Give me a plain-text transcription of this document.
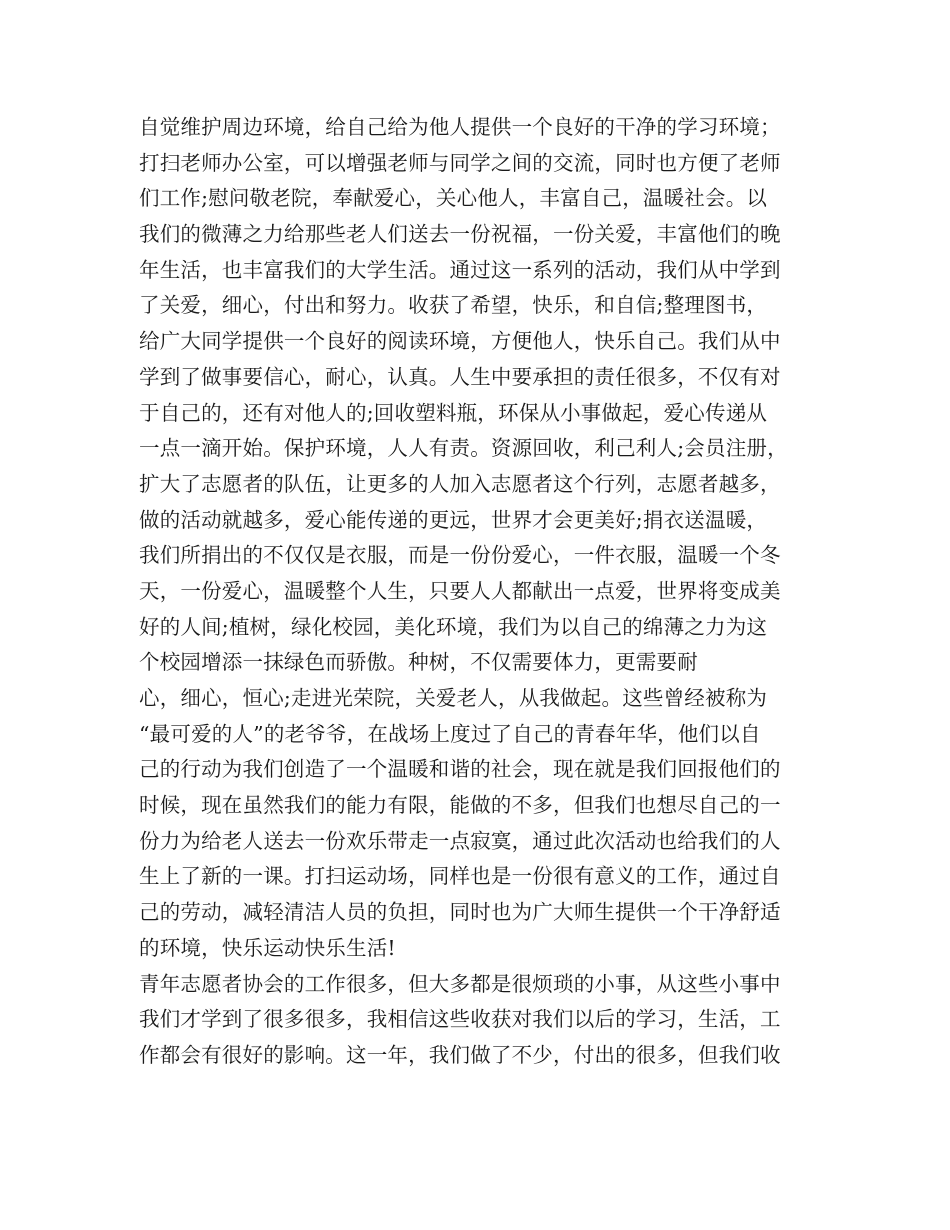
自觉维护周边环境，给自己给为他人提供一个良好的干净的学习环境；
打扫老师办公室，可以增强老师与同学之间的交流，同时也方便了老师
们工作;慰问敬老院，奉献爱心，关心他人，丰富自己，温暖社会。以
我们的微薄之力给那些老人们送去一份祝福，一份关爱，丰富他们的晚
年生活，也丰富我们的大学生活。通过这一系列的活动，我们从中学到
了关爱，细心，付出和努力。收获了希望，快乐，和自信;整理图书，
给广大同学提供一个良好的阅读环境，方便他人，快乐自己。我们从中
学到了做事要信心，耐心，认真。人生中要承担的责任很多，不仅有对
于自己的，还有对他人的;回收塑料瓶，环保从小事做起，爱心传递从
一点一滴开始。保护环境，人人有责。资源回收，利己利人;会员注册，
扩大了志愿者的队伍，让更多的人加入志愿者这个行列，志愿者越多，
做的活动就越多，爱心能传递的更远，世界才会更美好;捐衣送温暖，
我们所捐出的不仅仅是衣服，而是一份份爱心，一件衣服，温暖一个冬
天，一份爱心，温暖整个人生，只要人人都献出一点爱，世界将变成美
好的人间;植树，绿化校园，美化环境，我们为以自己的绵薄之力为这
个校园增添一抹绿色而骄傲。种树，不仅需要体力，更需要耐
心，细心，恒心;走进光荣院，关爱老人，从我做起。这些曾经被称为
“最可爱的人”的老爷爷，在战场上度过了自己的青春年华，他们以自
己的行动为我们创造了一个温暖和谐的社会，现在就是我们回报他们的
时候，现在虽然我们的能力有限，能做的不多，但我们也想尽自己的一
份力为给老人送去一份欢乐带走一点寂寞，通过此次活动也给我们的人
生上了新的一课。打扫运动场，同样也是一份很有意义的工作，通过自
己的劳动，减轻清洁人员的负担，同时也为广大师生提供一个干净舒适
的环境，快乐运动快乐生活!
青年志愿者协会的工作很多，但大多都是很烦琐的小事，从这些小事中
我们才学到了很多很多，我相信这些收获对我们以后的学习，生活，工
作都会有很好的影响。这一年，我们做了不少，付出的很多，但我们收
